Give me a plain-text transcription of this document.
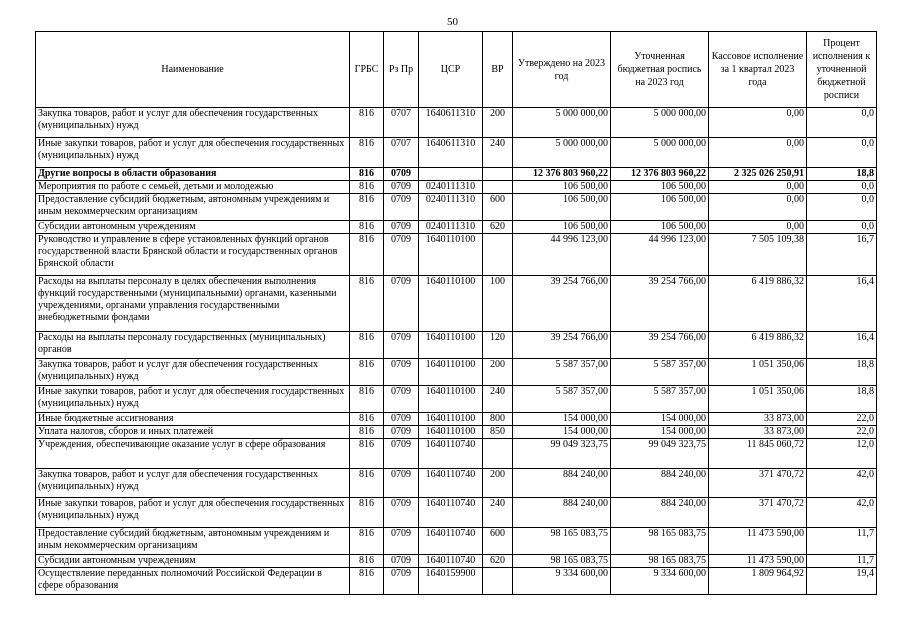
50
Наименование	ГРБС	Рз Пр	ЦСР	ВР	Утверждено на 2023 год	Уточненная бюджетная роспись на 2023 год	Кассовое исполнение за 1 квартал 2023 года	Процент исполнения к уточненной бюджетной росписи
Закупка товаров, работ и услуг для обеспечения государственных (муниципальных) нужд	816	0707	1640611310	200	5 000 000,00	5 000 000,00	0,00	0,0
Иные закупки товаров, работ и услуг для обеспечения государственных (муниципальных) нужд	816	0707	1640611310	240	5 000 000,00	5 000 000,00	0,00	0,0
Другие вопросы в области образования	816	0709			12 376 803 960,22	12 376 803 960,22	2 325 026 250,91	18,8
Мероприятия по работе с семьей, детьми и молодежью	816	0709	0240111310		106 500,00	106 500,00	0,00	0,0
Предоставление субсидий бюджетным, автономным учреждениям и иным некоммерческим организациям	816	0709	0240111310	600	106 500,00	106 500,00	0,00	0,0
Субсидии автономным учреждениям	816	0709	0240111310	620	106 500,00	106 500,00	0,00	0,0
Руководство и управление в сфере установленных функций органов государственной власти Брянской области и государственных органов Брянской области	816	0709	1640110100		44 996 123,00	44 996 123,00	7 505 109,38	16,7
Расходы на выплаты персоналу в целях обеспечения выполнения функций государственными (муниципальными) органами, казенными учреждениями, органами управления государственными внебюджетными фондами	816	0709	1640110100	100	39 254 766,00	39 254 766,00	6 419 886,32	16,4
Расходы на выплаты персоналу государственных (муниципальных) органов	816	0709	1640110100	120	39 254 766,00	39 254 766,00	6 419 886,32	16,4
Закупка товаров, работ и услуг для обеспечения государственных (муниципальных) нужд	816	0709	1640110100	200	5 587 357,00	5 587 357,00	1 051 350,06	18,8
Иные закупки товаров, работ и услуг для обеспечения государственных (муниципальных) нужд	816	0709	1640110100	240	5 587 357,00	5 587 357,00	1 051 350,06	18,8
Иные бюджетные ассигнования	816	0709	1640110100	800	154 000,00	154 000,00	33 873,00	22,0
Уплата налогов, сборов и иных платежей	816	0709	1640110100	850	154 000,00	154 000,00	33 873,00	22,0
Учреждения, обеспечивающие оказание услуг в сфере образования	816	0709	1640110740		99 049 323,75	99 049 323,75	11 845 060,72	12,0
Закупка товаров, работ и услуг для обеспечения государственных (муниципальных) нужд	816	0709	1640110740	200	884 240,00	884 240,00	371 470,72	42,0
Иные закупки товаров, работ и услуг для обеспечения государственных (муниципальных) нужд	816	0709	1640110740	240	884 240,00	884 240,00	371 470,72	42,0
Предоставление субсидий бюджетным, автономным учреждениям и иным некоммерческим организациям	816	0709	1640110740	600	98 165 083,75	98 165 083,75	11 473 590,00	11,7
Субсидии автономным учреждениям	816	0709	1640110740	620	98 165 083,75	98 165 083,75	11 473 590,00	11,7
Осуществление переданных полномочий Российской Федерации в сфере образования	816	0709	1640159900		9 334 600,00	9 334 600,00	1 809 964,92	19,4
